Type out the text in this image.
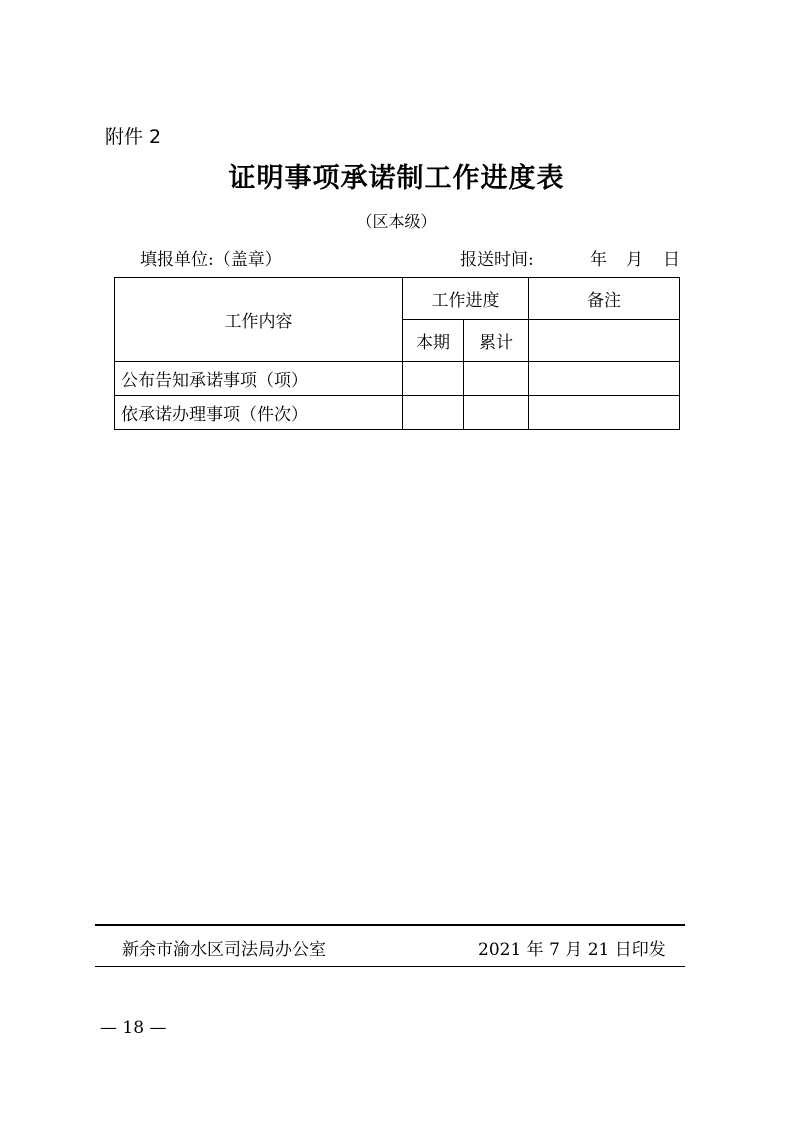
附件 2
证明事项承诺制工作进度表
（区本级）
填报单位:（盖章）	报送时间:	年 月 日
工作内容	工作进度		备注
	本期	累计	
公布告知承诺事项（项）			
依承诺办理事项（件次）			
新余市渝水区司法局办公室	2021 年 7 月 21 日印发
— 18 —
